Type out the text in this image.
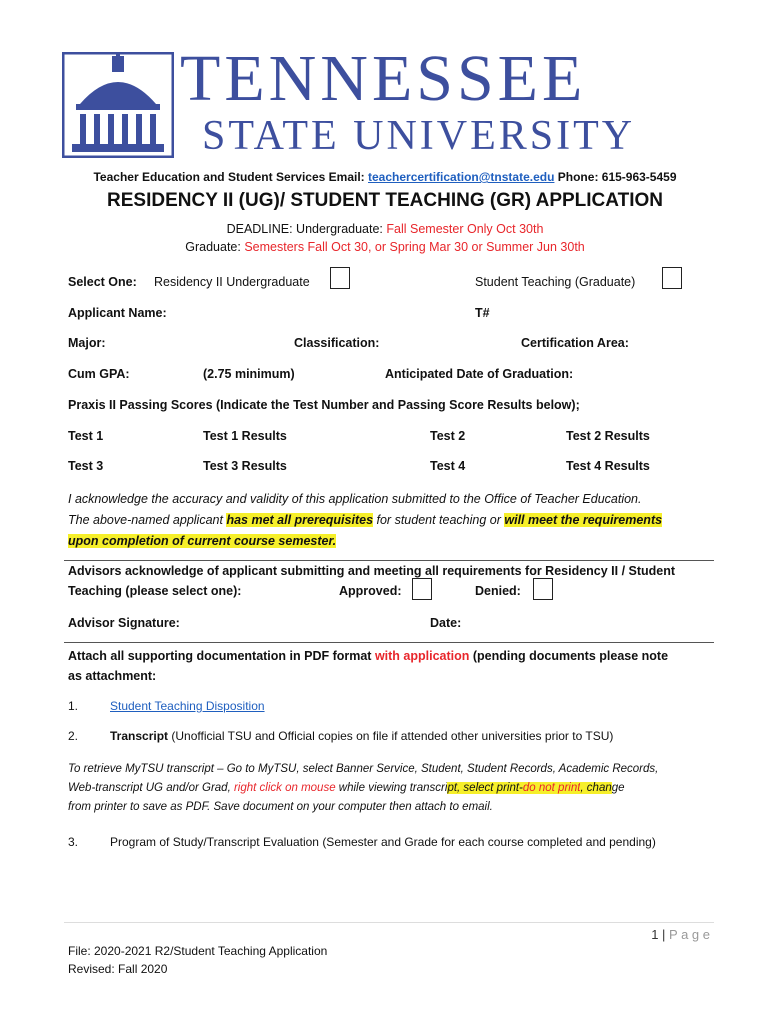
TENNESSEE
STATE UNIVERSITY
Teacher Education and Student Services Email: teachercertification@tnstate.edu Phone: 615-963-5459
RESIDENCY II (UG)/ STUDENT TEACHING (GR) APPLICATION
DEADLINE: Undergraduate: Fall Semester Only Oct 30th
Graduate: Semesters Fall Oct 30, or Spring Mar 30 or Summer Jun 30th
Select One: Residency II Undergraduate	Student Teaching (Graduate)
Applicant Name:	T#
Major:	Classification:	Certification Area:
Cum GPA:	(2.75 minimum)	Anticipated Date of Graduation:
Praxis II Passing Scores (Indicate the Test Number and Passing Score Results below);
Test 1	Test 1 Results	Test 2	Test 2 Results
Test 3	Test 3 Results	Test 4	Test 4 Results
I acknowledge the accuracy and validity of this application submitted to the Office of Teacher Education.
The above-named applicant has met all prerequisites for student teaching or will meet the requirements
upon completion of current course semester.
Advisors acknowledge of applicant submitting and meeting all requirements for Residency II / Student
Teaching (please select one):	Approved:	Denied:
Advisor Signature:	Date:
Attach all supporting documentation in PDF format with application (pending documents please note
as attachment:
1.	Student Teaching Disposition
2.	Transcript (Unofficial TSU and Official copies on file if attended other universities prior to TSU)
To retrieve MyTSU transcript – Go to MyTSU, select Banner Service, Student, Student Records, Academic Records,
Web-transcript UG and/or Grad, right click on mouse while viewing transcript, select print-do not print, change
from printer to save as PDF. Save document on your computer then attach to email.
3.	Program of Study/Transcript Evaluation (Semester and Grade for each course completed and pending)
1 | P a g e
File: 2020-2021 R2/Student Teaching Application
Revised: Fall 2020
